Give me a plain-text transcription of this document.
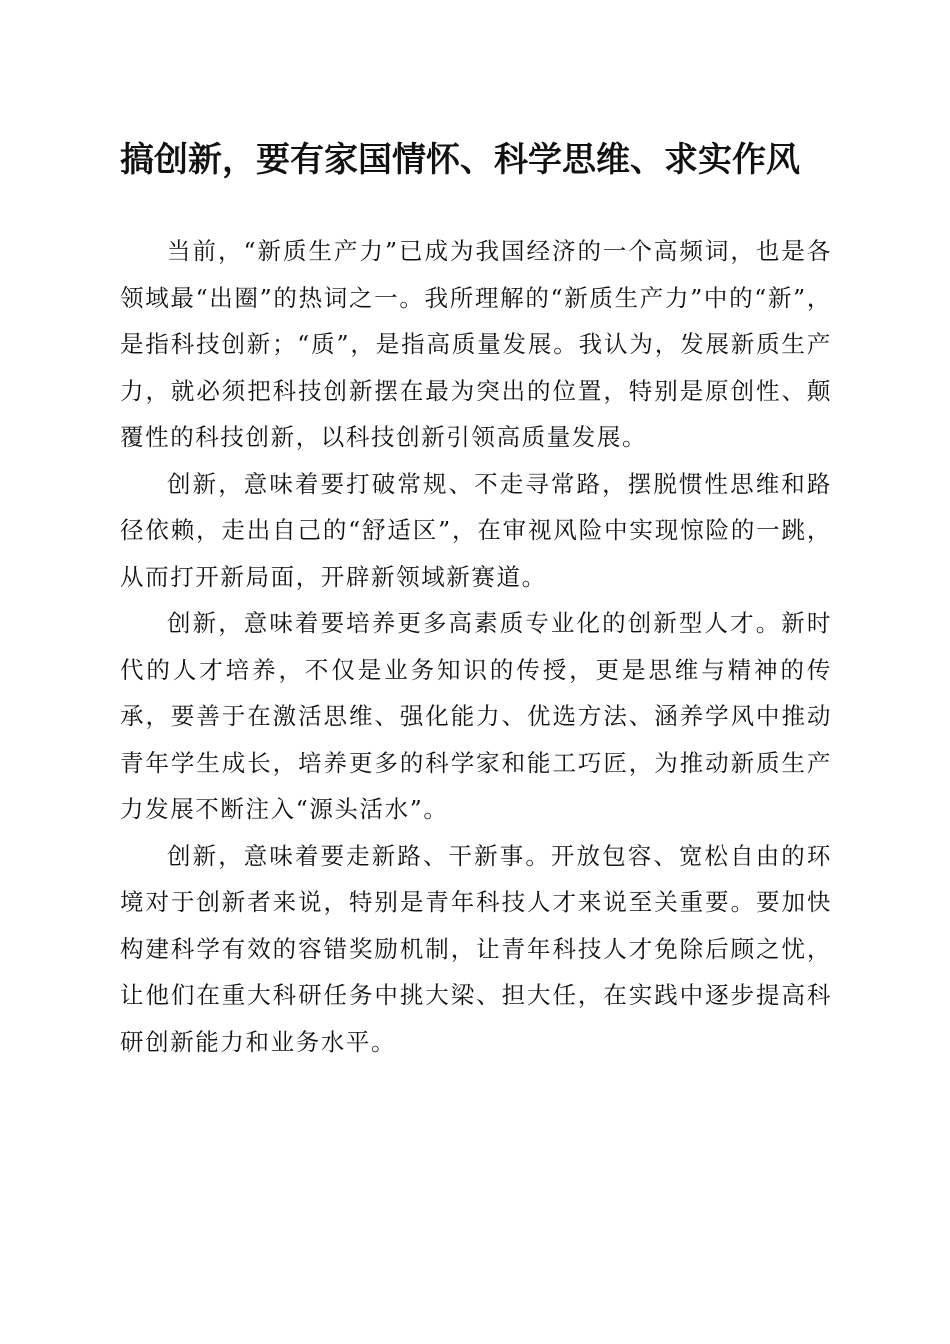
搞创新，要有家国情怀、科学思维、求实作风

当前，“新质生产力”已成为我国经济的一个高频词，也是各领域最“出圈”的热词之一。我所理解的“新质生产力”中的“新”，是指科技创新；“质”，是指高质量发展。我认为，发展新质生产力，就必须把科技创新摆在最为突出的位置，特别是原创性、颠覆性的科技创新，以科技创新引领高质量发展。

创新，意味着要打破常规、不走寻常路，摆脱惯性思维和路径依赖，走出自己的“舒适区”，在审视风险中实现惊险的一跳，从而打开新局面，开辟新领域新赛道。

创新，意味着要培养更多高素质专业化的创新型人才。新时代的人才培养，不仅是业务知识的传授，更是思维与精神的传承，要善于在激活思维、强化能力、优选方法、涵养学风中推动青年学生成长，培养更多的科学家和能工巧匠，为推动新质生产力发展不断注入“源头活水”。

创新，意味着要走新路、干新事。开放包容、宽松自由的环境对于创新者来说，特别是青年科技人才来说至关重要。要加快构建科学有效的容错奖励机制，让青年科技人才免除后顾之忧，让他们在重大科研任务中挑大梁、担大任，在实践中逐步提高科研创新能力和业务水平。
